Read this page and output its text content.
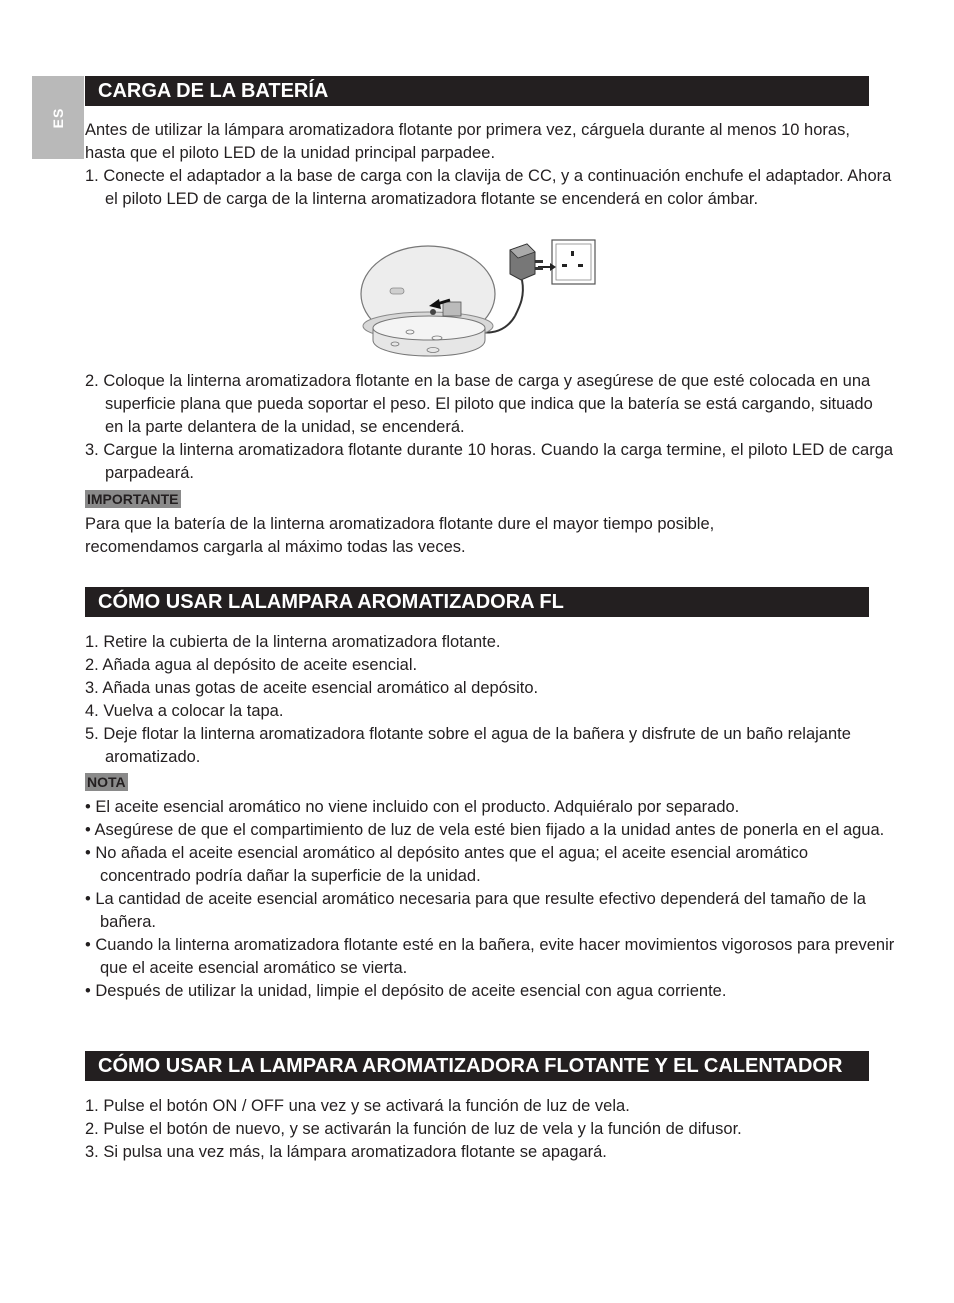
ES
CARGA DE LA BATERÍA

Antes de utilizar la lámpara aromatizadora flotante por primera vez, cárguela durante al menos 10 horas, hasta que el piloto LED de la unidad principal parpadee.

1. Conecte el adaptador a la base de carga con la clavija de CC, y a continuación enchufe el adaptador. Ahora el piloto LED de carga de la linterna aromatizadora flotante se encenderá en color ámbar.

2. Coloque la linterna aromatizadora flotante en la base de carga y asegúrese de que esté colocada en una superficie plana que pueda soportar el peso. El piloto que indica que la batería se está cargando, situado en la parte delantera de la unidad, se encenderá.

3. Cargue la linterna aromatizadora flotante durante 10 horas. Cuando la carga termine, el piloto LED de carga parpadeará.

IMPORTANTE

Para que la batería de la linterna aromatizadora flotante dure el mayor tiempo posible, recomendamos cargarla al máximo todas las veces.

CÓMO USAR LALAMPARA AROMATIZADORA FL

1. Retire la cubierta de la linterna aromatizadora flotante.

2. Añada agua al depósito de aceite esencial.

3. Añada unas gotas de aceite esencial aromático al depósito.

4. Vuelva a colocar la tapa.

5. Deje flotar la linterna aromatizadora flotante sobre el agua de la bañera y disfrute de un baño relajante aromatizado.

NOTA

• El aceite esencial aromático no viene incluido con el producto. Adquiéralo por separado.

• Asegúrese de que el compartimiento de luz de vela esté bien fijado a la unidad antes de ponerla en el agua.

• No añada el aceite esencial aromático al depósito antes que el agua; el aceite esencial aromático concentrado podría dañar la superficie de la unidad.

• La cantidad de aceite esencial aromático necesaria para que resulte efectivo dependerá del tamaño de la bañera.

• Cuando la linterna aromatizadora flotante esté en la bañera, evite hacer movimientos vigorosos para prevenir que el aceite esencial aromático se vierta.

• Después de utilizar la unidad, limpie el depósito de aceite esencial con agua corriente.

CÓMO USAR LA LAMPARA AROMATIZADORA FLOTANTE Y EL CALENTADOR

1. Pulse el botón ON / OFF una vez y se activará la función de luz de vela.

2. Pulse el botón de nuevo, y se activarán la función de luz de vela y la función de difusor.

3. Si pulsa una vez más, la lámpara aromatizadora flotante se apagará.
